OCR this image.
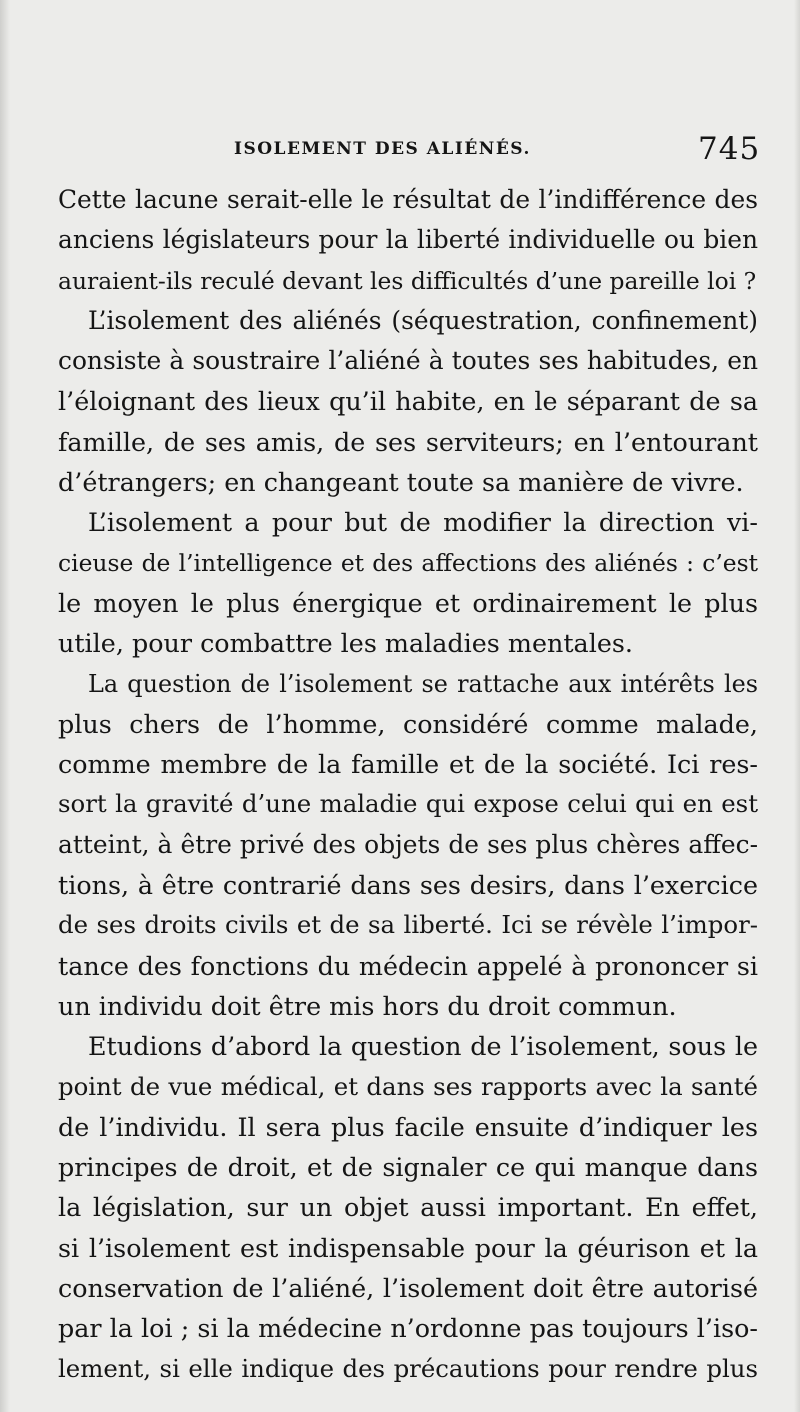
ISOLEMENT DES ALIÉNÉS.	745
Cette lacune serait-elle le résultat de l’indifférence des
anciens législateurs pour la liberté individuelle ou bien
auraient-ils reculé devant les difficultés d’une pareille loi ?
L’isolement des aliénés (séquestration, confinement)
consiste à soustraire l’aliéné à toutes ses habitudes, en
l’éloignant des lieux qu’il habite, en le séparant de sa
famille, de ses amis, de ses serviteurs; en l’entourant
d’étrangers; en changeant toute sa manière de vivre.
L’isolement a pour but de modifier la direction vi-
cieuse de l’intelligence et des affections des aliénés : c’est
le moyen le plus énergique et ordinairement le plus
utile, pour combattre les maladies mentales.
La question de l’isolement se rattache aux intérêts les
plus chers de l’homme, considéré comme malade,
comme membre de la famille et de la société. Ici res-
sort la gravité d’une maladie qui expose celui qui en est
atteint, à être privé des objets de ses plus chères affec-
tions, à être contrarié dans ses desirs, dans l’exercice
de ses droits civils et de sa liberté. Ici se révèle l’impor-
tance des fonctions du médecin appelé à prononcer si
un individu doit être mis hors du droit commun.
Etudions d’abord la question de l’isolement, sous le
point de vue médical, et dans ses rapports avec la santé
de l’individu. Il sera plus facile ensuite d’indiquer les
principes de droit, et de signaler ce qui manque dans
la législation, sur un objet aussi important. En effet,
si l’isolement est indispensable pour la géurison et la
conservation de l’aliéné, l’isolement doit être autorisé
par la loi ; si la médecine n’ordonne pas toujours l’iso-
lement, si elle indique des précautions pour rendre plus
